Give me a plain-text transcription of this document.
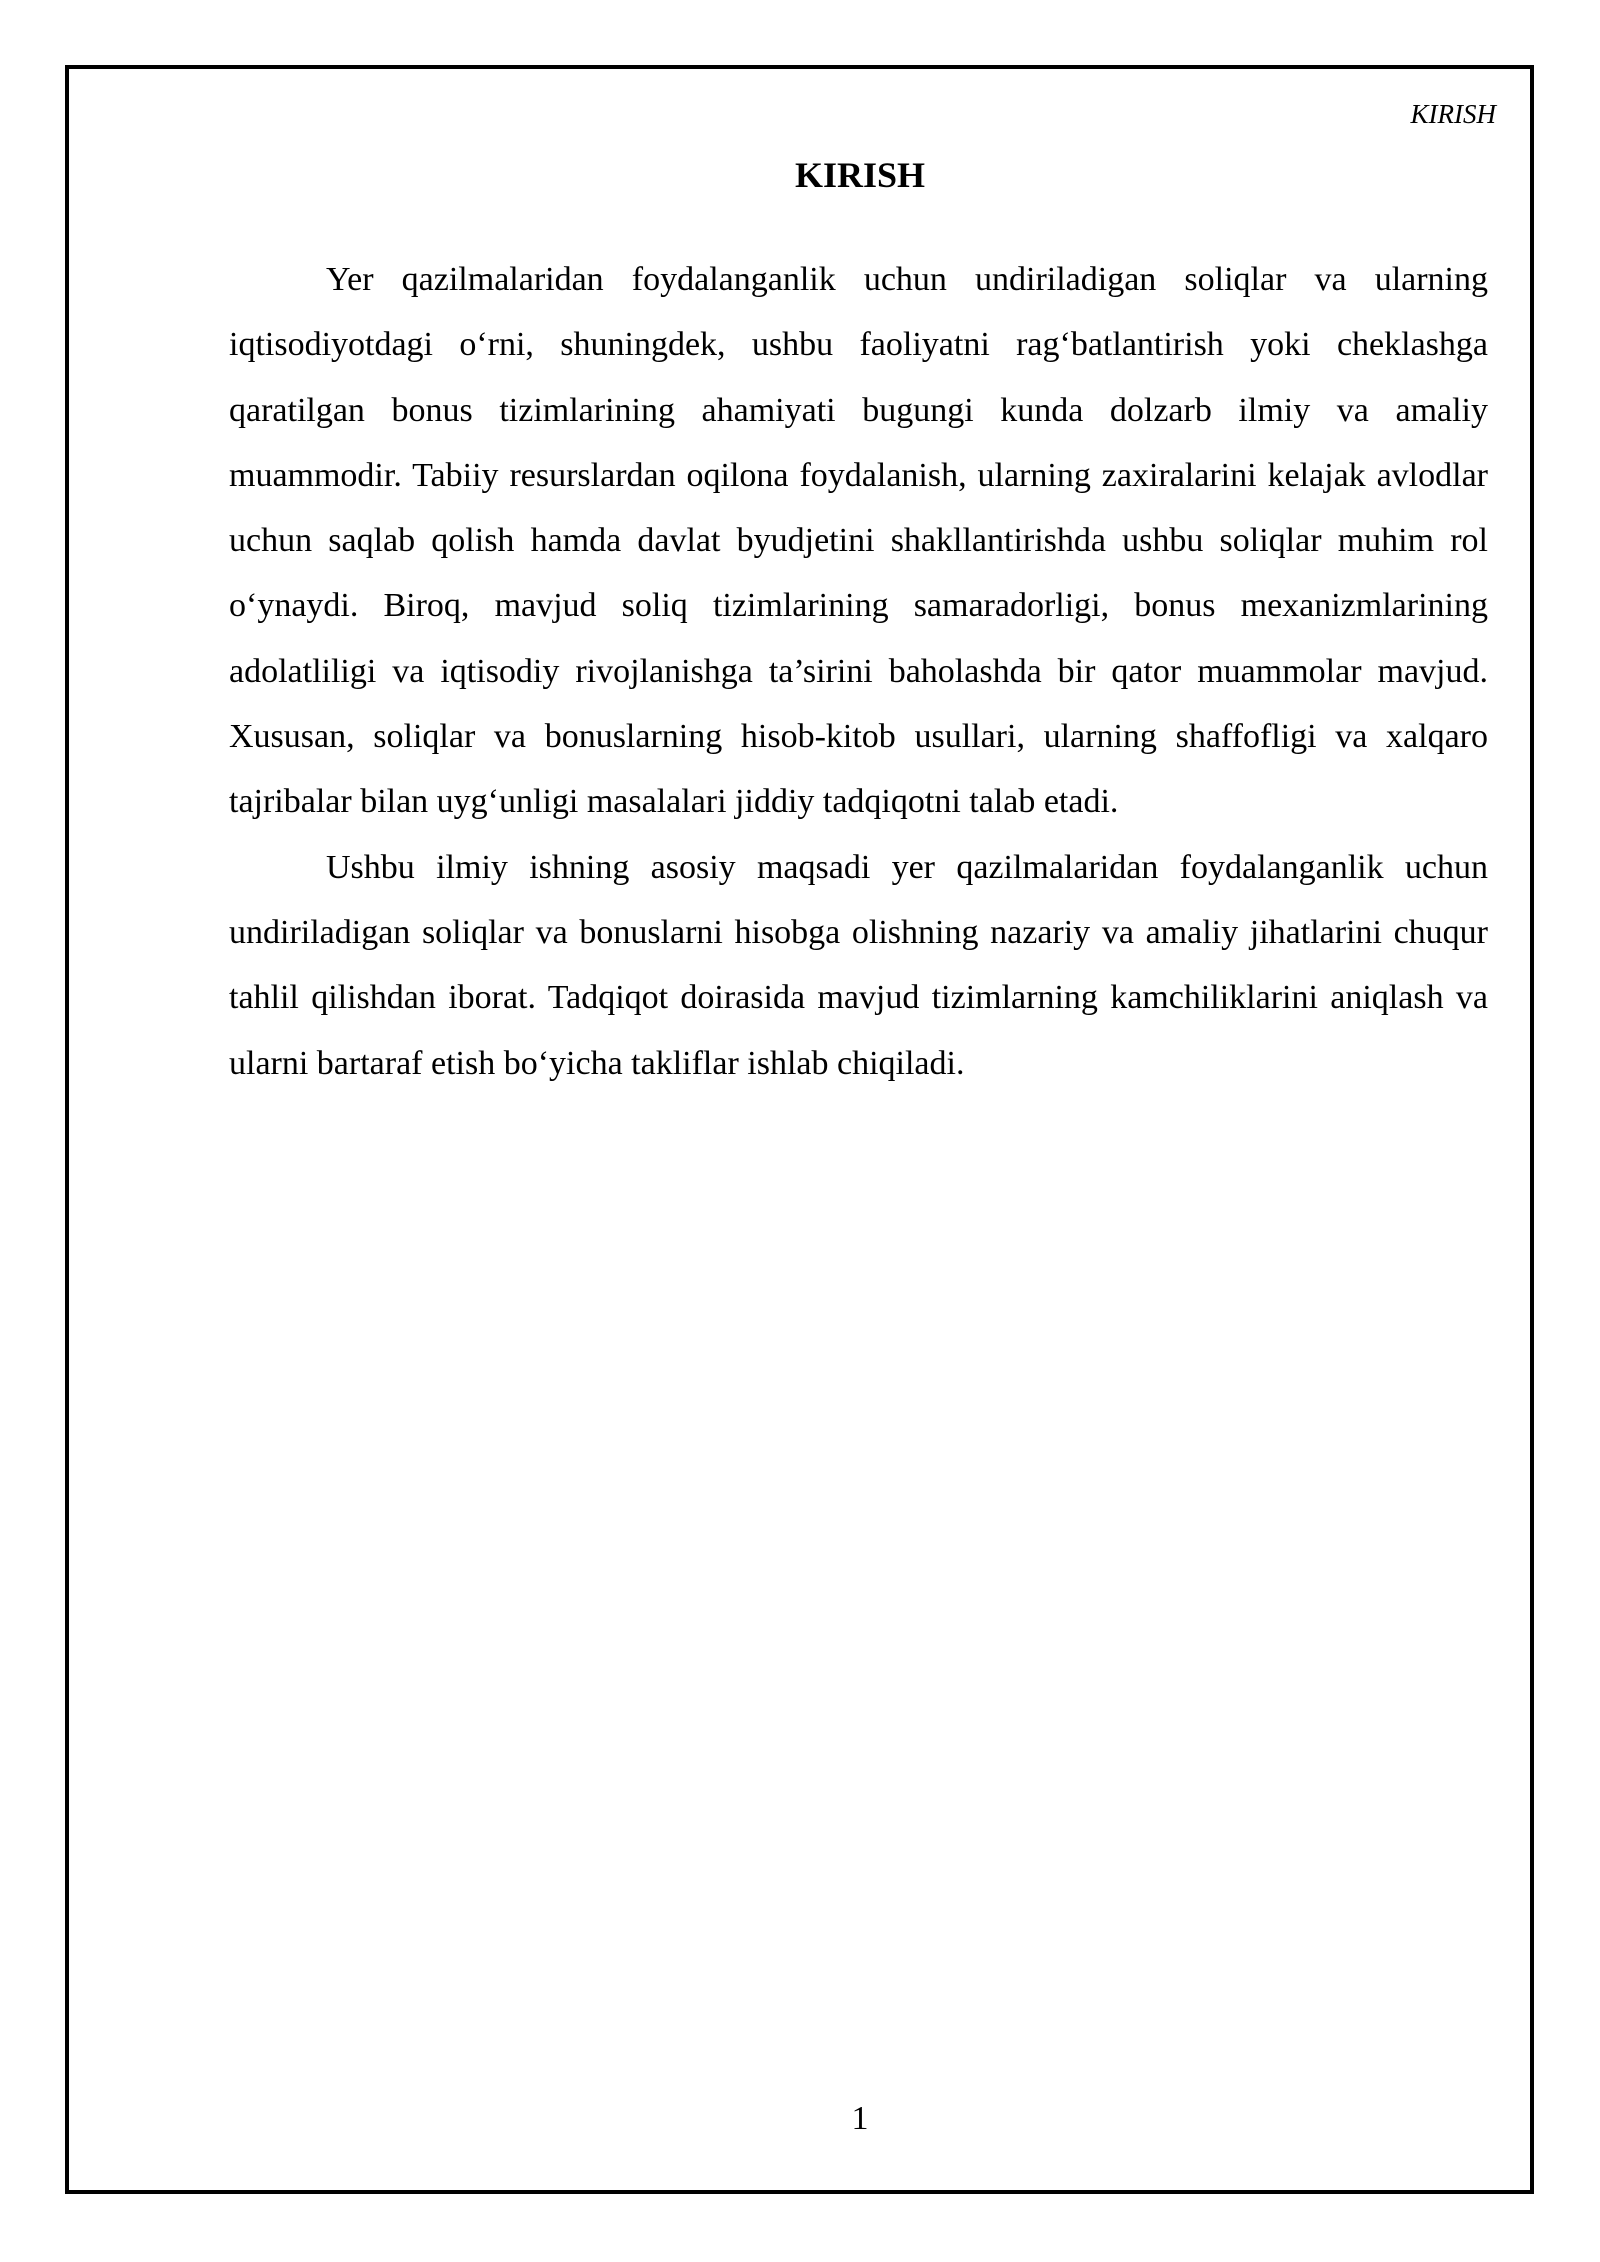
KIRISH
KIRISH

Yer qazilmalaridan foydalanganlik uchun undiriladigan soliqlar va ularning iqtisodiyotdagi o‘rni, shuningdek, ushbu faoliyatni rag‘batlantirish yoki cheklashga qaratilgan bonus tizimlarining ahamiyati bugungi kunda dolzarb ilmiy va amaliy muammodir. Tabiiy resurslardan oqilona foydalanish, ularning zaxiralarini kelajak avlodlar uchun saqlab qolish hamda davlat byudjetini shakllantirishda ushbu soliqlar muhim rol o‘ynaydi. Biroq, mavjud soliq tizimlarining samaradorligi, bonus mexanizmlarining adolatliligi va iqtisodiy rivojlanishga ta’sirini baholashda bir qator muammolar mavjud. Xususan, soliqlar va bonuslarning hisob-kitob usullari, ularning shaffofligi va xalqaro tajribalar bilan uyg‘unligi masalalari jiddiy tadqiqotni talab etadi.

Ushbu ilmiy ishning asosiy maqsadi yer qazilmalaridan foydalanganlik uchun undiriladigan soliqlar va bonuslarni hisobga olishning nazariy va amaliy jihatlarini chuqur tahlil qilishdan iborat. Tadqiqot doirasida mavjud tizimlarning kamchiliklarini aniqlash va ularni bartaraf etish bo‘yicha takliflar ishlab chiqiladi.

1
